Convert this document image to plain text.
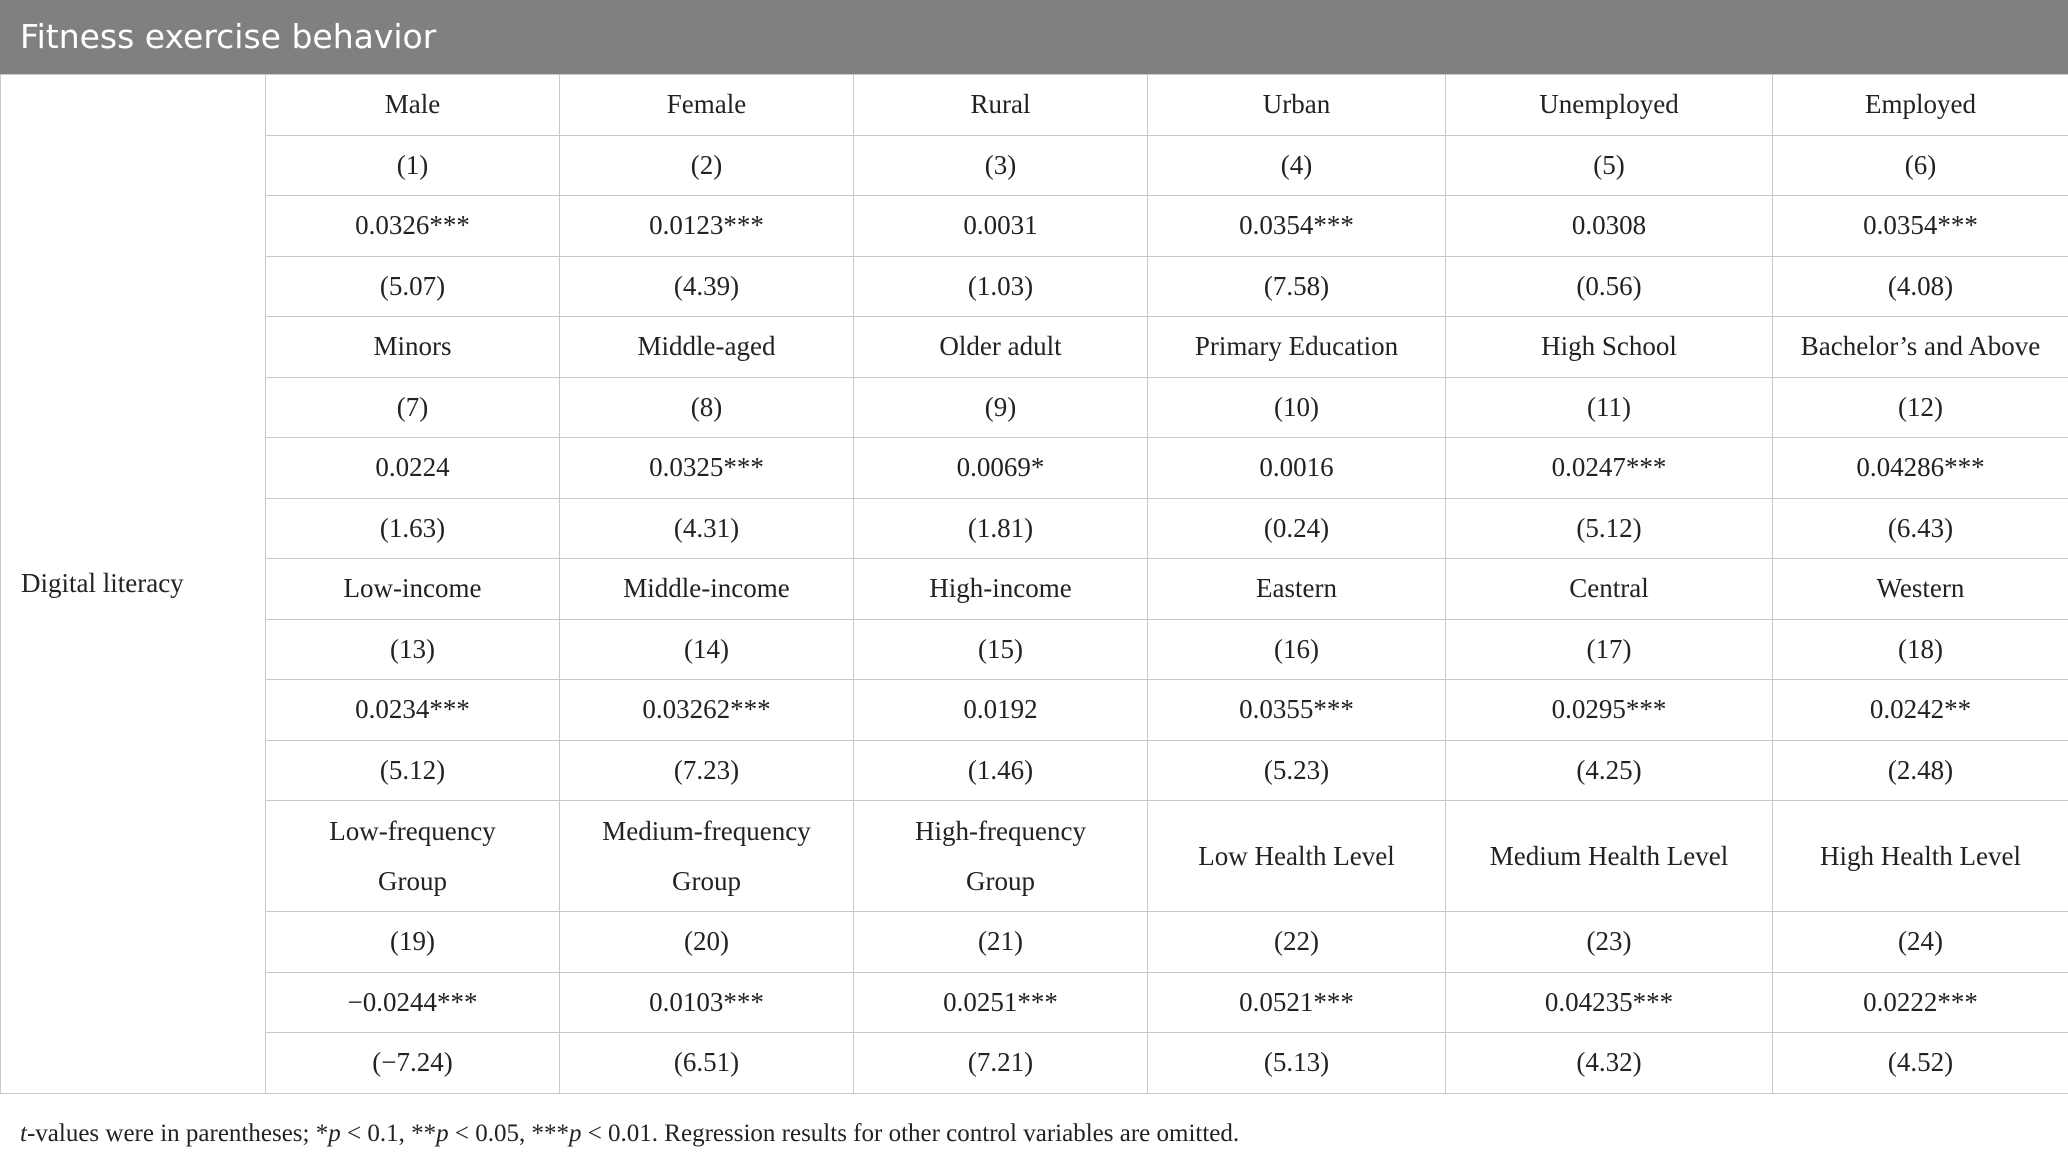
Fitness exercise behavior
Digital literacy	Male	Female	Rural	Urban	Unemployed	Employed
	(1)	(2)	(3)	(4)	(5)	(6)
	0.0326***	0.0123***	0.0031	0.0354***	0.0308	0.0354***
	(5.07)	(4.39)	(1.03)	(7.58)	(0.56)	(4.08)
	Minors	Middle-aged	Older adult	Primary Education	High School	Bachelor’s and Above
	(7)	(8)	(9)	(10)	(11)	(12)
	0.0224	0.0325***	0.0069*	0.0016	0.0247***	0.04286***
	(1.63)	(4.31)	(1.81)	(0.24)	(5.12)	(6.43)
	Low-income	Middle-income	High-income	Eastern	Central	Western
	(13)	(14)	(15)	(16)	(17)	(18)
	0.0234***	0.03262***	0.0192	0.0355***	0.0295***	0.0242**
	(5.12)	(7.23)	(1.46)	(5.23)	(4.25)	(2.48)
	Low-frequency Group	Medium-frequency Group	High-frequency Group	Low Health Level	Medium Health Level	High Health Level
	(19)	(20)	(21)	(22)	(23)	(24)
	−0.0244***	0.0103***	0.0251***	0.0521***	0.04235***	0.0222***
	(−7.24)	(6.51)	(7.21)	(5.13)	(4.32)	(4.52)
t-values were in parentheses; *p < 0.1, **p < 0.05, ***p < 0.01. Regression results for other control variables are omitted.
